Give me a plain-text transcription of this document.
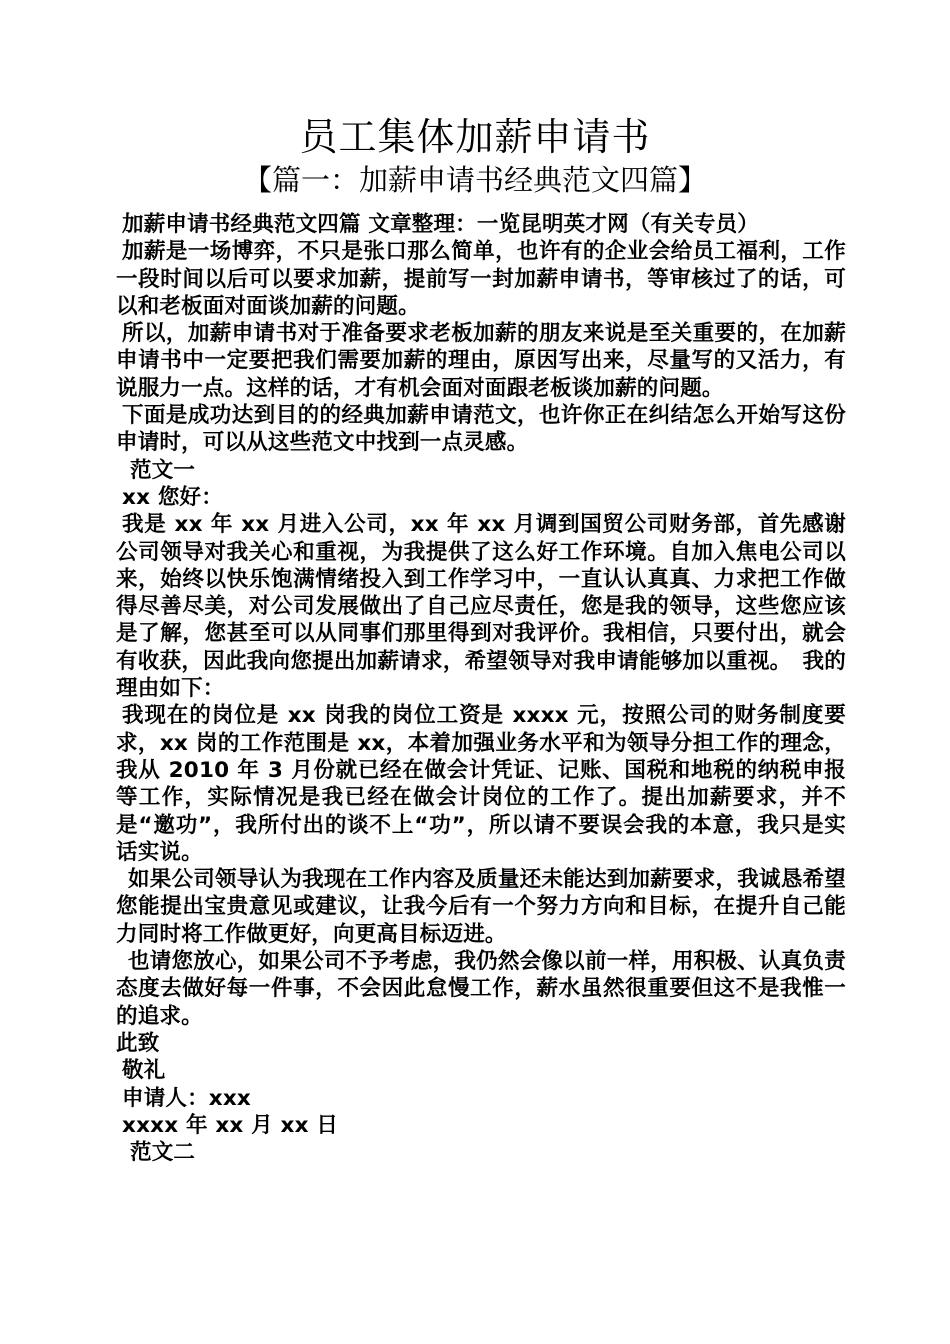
员工集体加薪申请书
【篇一：加薪申请书经典范文四篇】

加薪申请书经典范文四篇 文章整理：一览昆明英才网（有关专员）

加薪是一场博弈，不只是张口那么简单，也许有的企业会给员工福利，工作一段时间以后可以要求加薪，提前写一封加薪申请书，等审核过了的话，可以和老板面对面谈加薪的问题。

所以，加薪申请书对于准备要求老板加薪的朋友来说是至关重要的，在加薪申请书中一定要把我们需要加薪的理由，原因写出来，尽量写的又活力，有说服力一点。这样的话，才有机会面对面跟老板谈加薪的问题。

下面是成功达到目的的经典加薪申请范文，也许你正在纠结怎么开始写这份申请时，可以从这些范文中找到一点灵感。

范文一

xx 您好：

我是 xx 年 xx 月进入公司，xx 年 xx 月调到国贸公司财务部，首先感谢公司领导对我关心和重视，为我提供了这么好工作环境。自加入焦电公司以来，始终以快乐饱满情绪投入到工作学习中，一直认认真真、力求把工作做得尽善尽美，对公司发展做出了自己应尽责任，您是我的领导，这些您应该是了解，您甚至可以从同事们那里得到对我评价。我相信，只要付出，就会有收获，因此我向您提出加薪请求，希望领导对我申请能够加以重视。　我的理由如下：

我现在的岗位是 xx 岗我的岗位工资是 xxxx 元，按照公司的财务制度要求，xx 岗的工作范围是 xx，本着加强业务水平和为领导分担工作的理念，我从 2010 年 3 月份就已经在做会计凭证、记账、国税和地税的纳税申报等工作，实际情况是我已经在做会计岗位的工作了。提出加薪要求，并不是“邀功”，我所付出的谈不上“功”，所以请不要误会我的本意，我只是实话实说。

如果公司领导认为我现在工作内容及质量还未能达到加薪要求，我诚恳希望您能提出宝贵意见或建议，让我今后有一个努力方向和目标，在提升自己能力同时将工作做更好，向更高目标迈进。

也请您放心，如果公司不予考虑，我仍然会像以前一样，用积极、认真负责态度去做好每一件事，不会因此怠慢工作，薪水虽然很重要但这不是我惟一的追求。

此致

敬礼

申请人：xxx

xxxx 年 xx 月 xx 日

范文二
